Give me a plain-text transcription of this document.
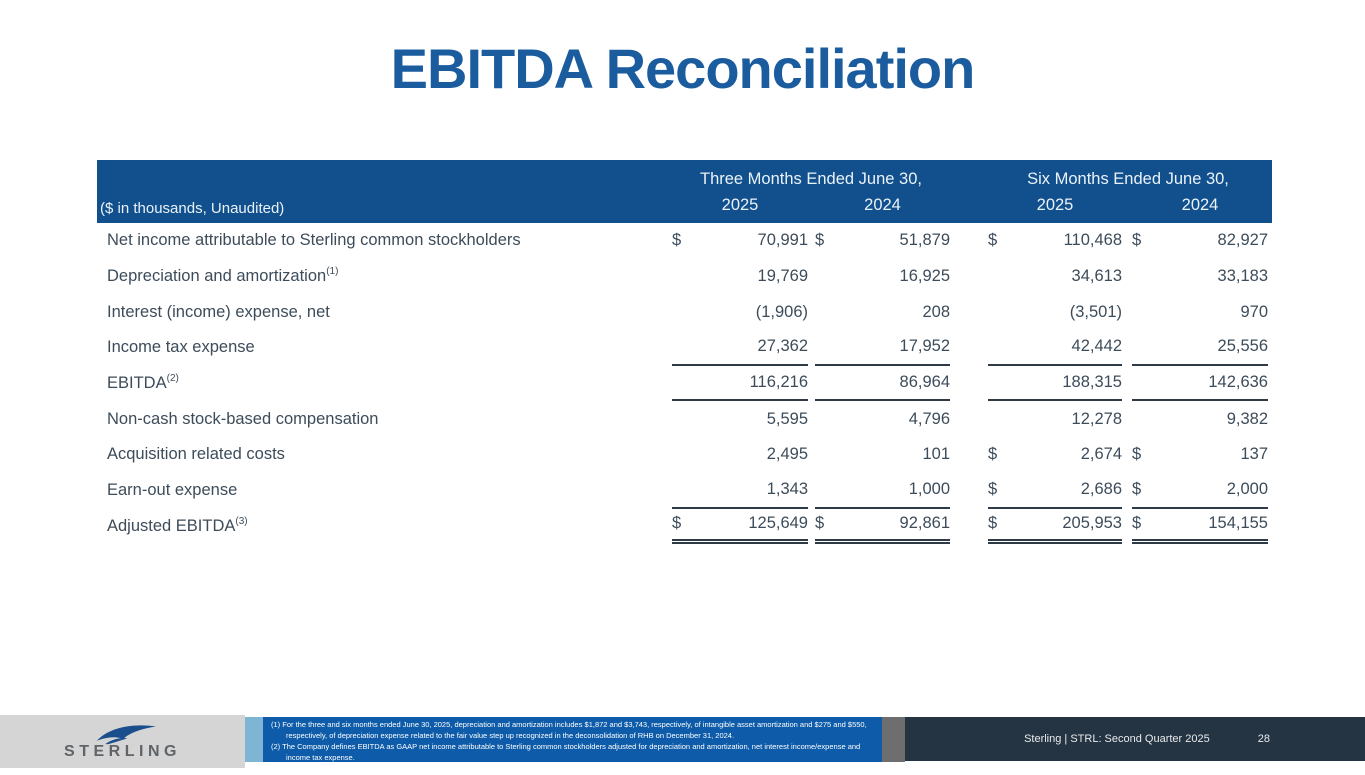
EBITDA Reconciliation
($ in thousands, Unaudited)
Three Months Ended June 30,	Six Months Ended June 30,
2025	2024	2025	2024
Net income attributable to Sterling common stockholders	$	70,991 $	51,879 $	110,468 $	82,927
Depreciation and amortization$^{(1)}$	19,769	16,925	34,613	33,183
Interest (income) expense, net	(1,906)	208	(3,501)	970
Income tax expense	27,362	17,952	42,442	25,556
EBITDA $^{(2)}$	116,216	86,964	188,315	142,636
Non-cash stock-based compensation	5,595	4,796	12,278	9,382
Acquisition related costs	2,495	101 $	2,674 $	137
Earn-out expense	1,343	1,000 $	2,686 $	2,000
Adjusted EBITDA $^{(3)}$	$	125,649 $	92,861 $	205,953 $	154,155
STERLING

(1) For the three and six months ended June 30, 2025, depreciation and amortization includes $1,872 and $3,743, respectively, of intangible asset amortization and $275 and $550, respectively, of depreciation expense related to the fair value step up recognized in the deconsolidation of RHB on December 31, 2024.

(2) The Company defines EBITDA as GAAP net income attributable to Sterling common stockholders adjusted for depreciation and amortization, net interest income/expense and income tax expense.

(3) The Company defines adjusted EBITDA as EBITDA excluding the impact of non-cash stock-based compensation, acquisition related costs, and earn-out expense.

Sterling | STRL: Second Quarter 2025	28
